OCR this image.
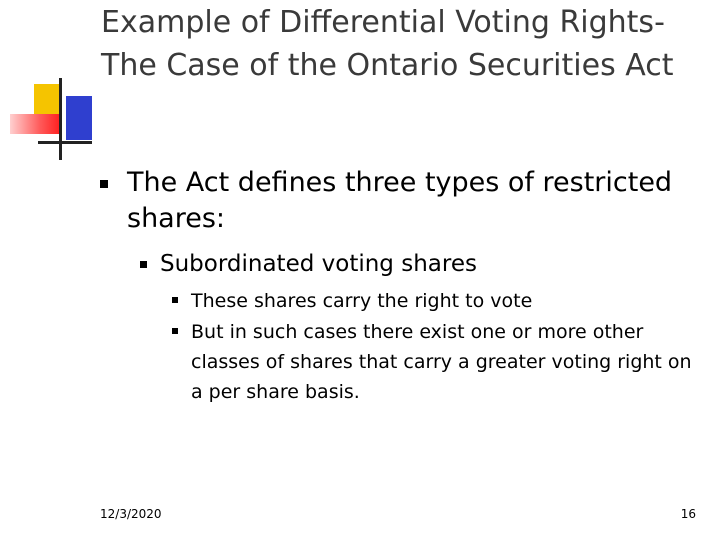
Example of Differential Voting Rights- The Case of the Ontario Securities Act
The Act defines three types of restricted shares:
Subordinated voting shares
These shares carry the right to vote
But in such cases there exist one or more other classes of shares that carry a greater voting right on a per share basis.
12/3/2020	16
